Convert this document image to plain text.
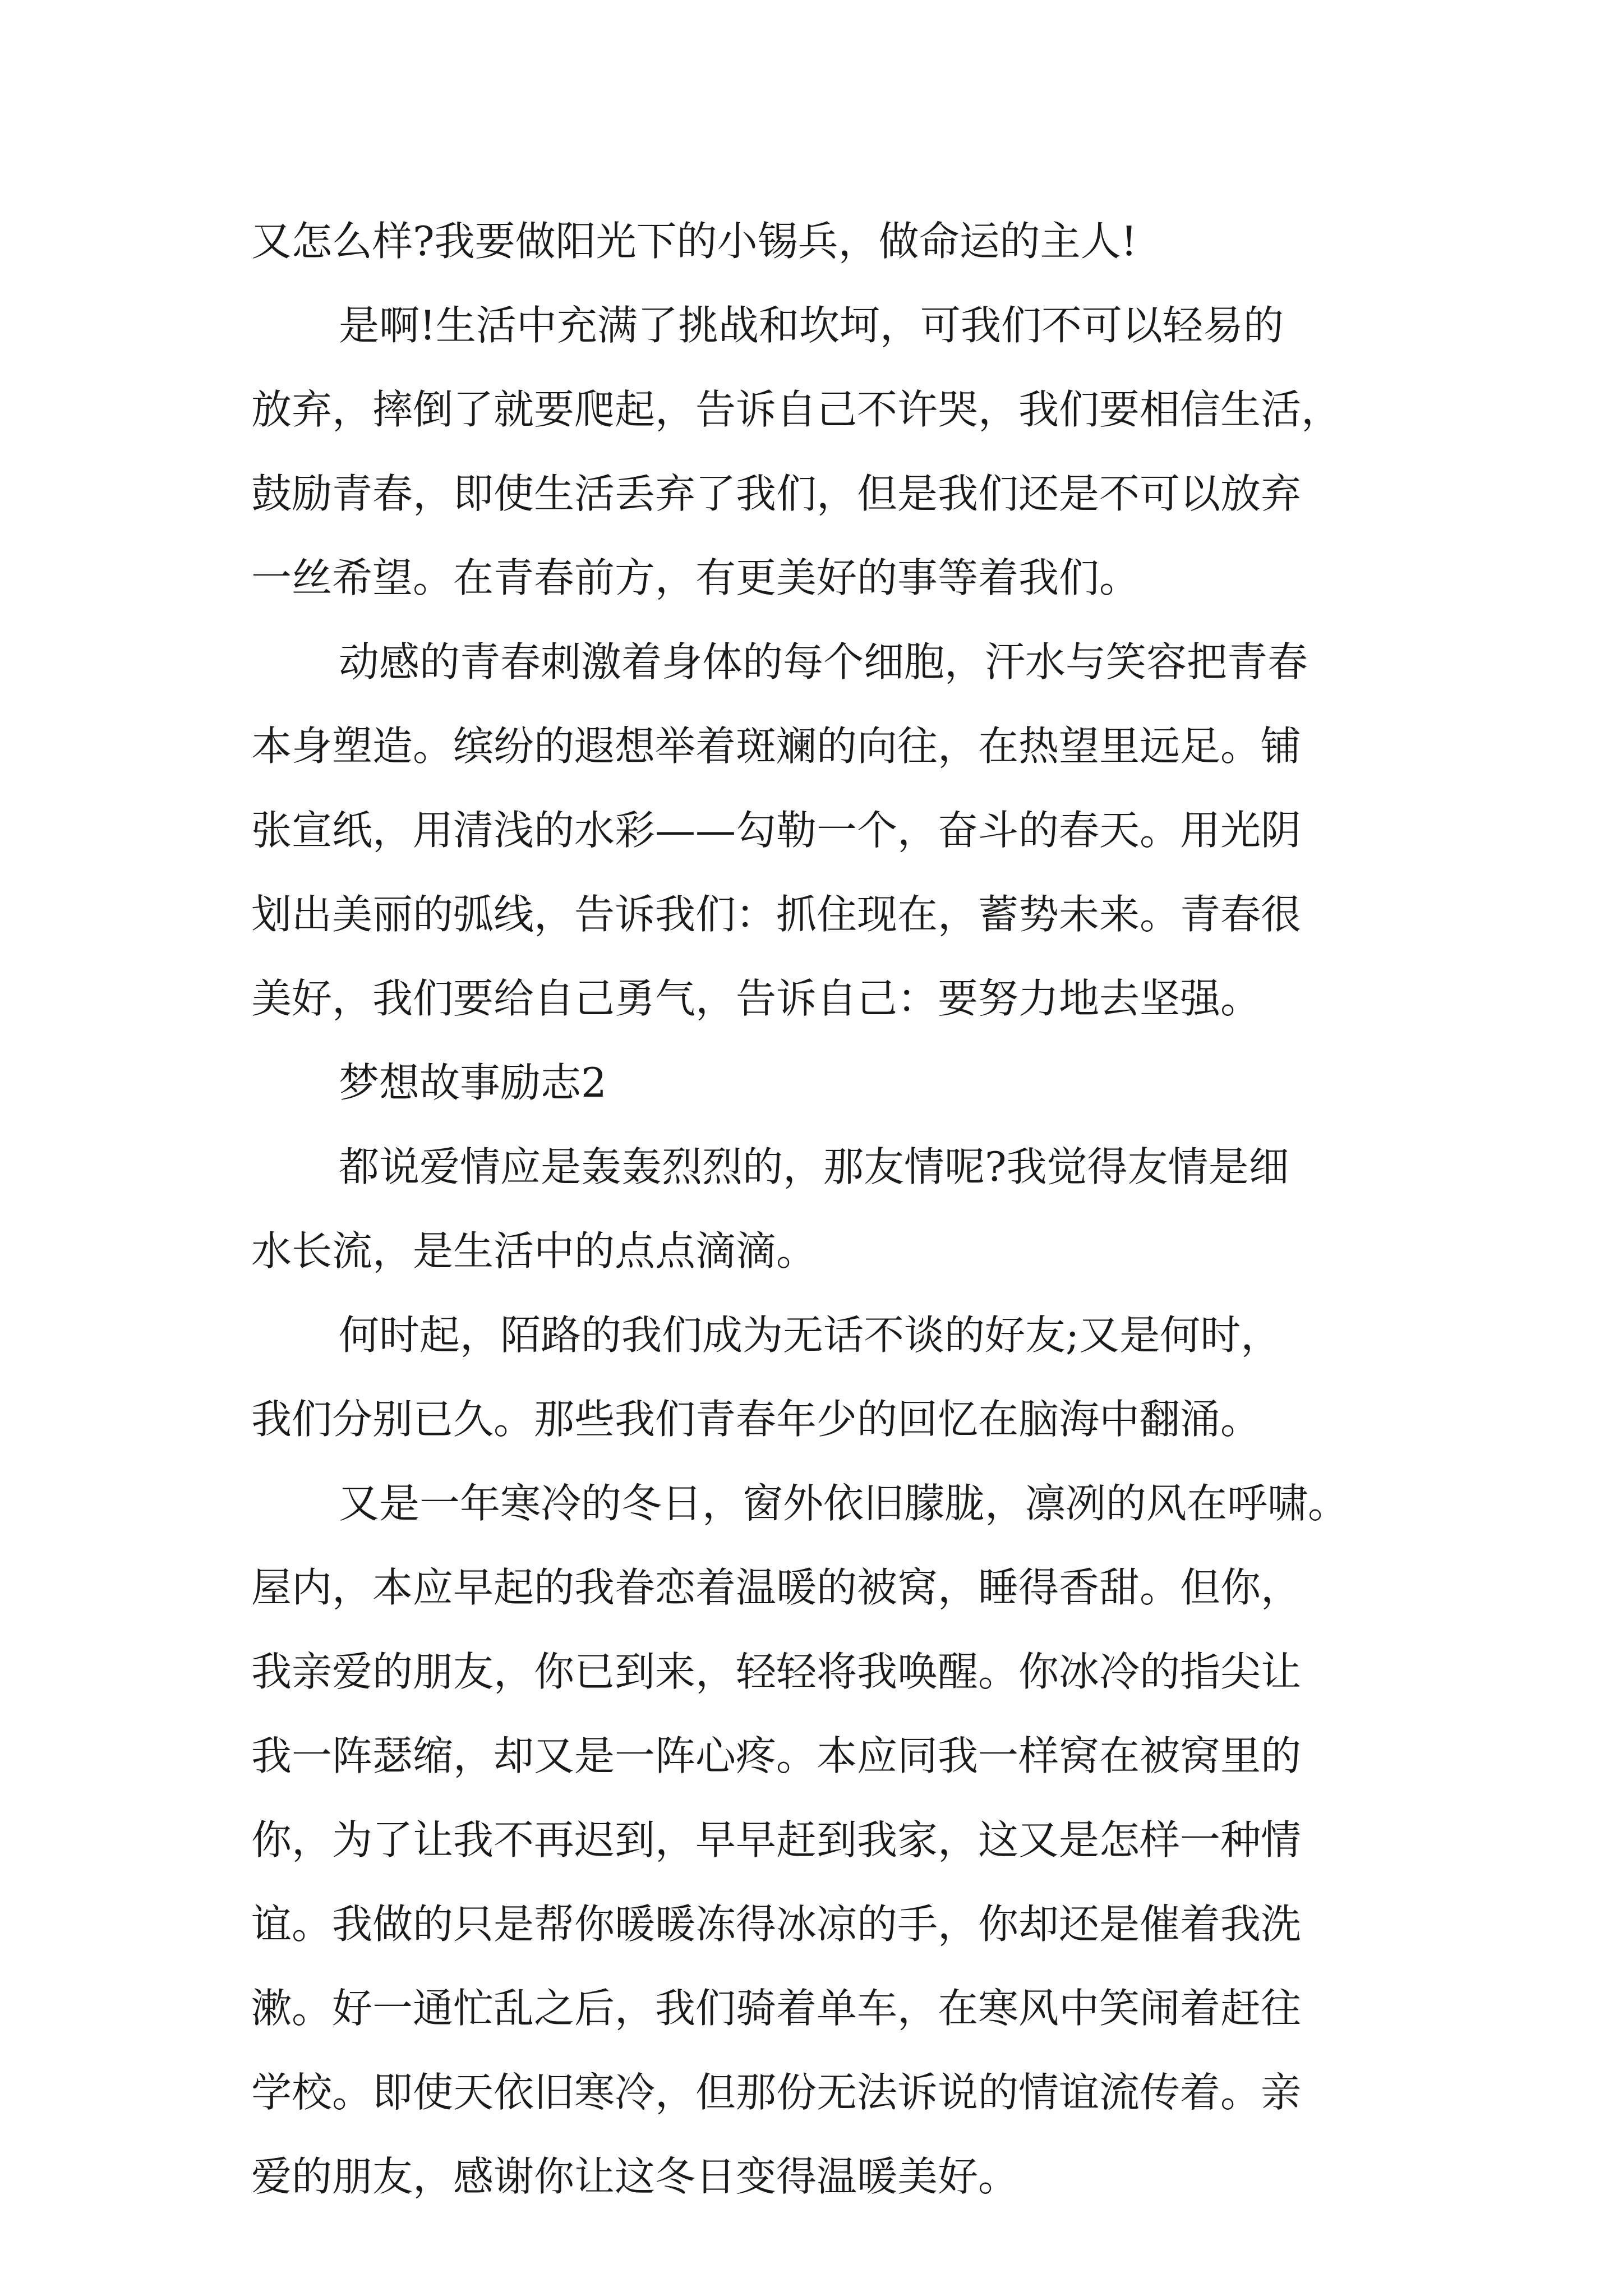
又怎么样?我要做阳光下的小锡兵，做命运的主人!

是啊!生活中充满了挑战和坎坷，可我们不可以轻易的

放弃，摔倒了就要爬起，告诉自己不许哭，我们要相信生活，

鼓励青春，即使生活丢弃了我们，但是我们还是不可以放弃

一丝希望。在青春前方，有更美好的事等着我们。

动感的青春刺激着身体的每个细胞，汗水与笑容把青春

本身塑造。缤纷的遐想举着斑斓的向往，在热望里远足。铺

张宣纸，用清浅的水彩——勾勒一个，奋斗的春天。用光阴

划出美丽的弧线，告诉我们：抓住现在，蓄势未来。青春很

美好，我们要给自己勇气，告诉自己：要努力地去坚强。

梦想故事励志2

都说爱情应是轰轰烈烈的，那友情呢?我觉得友情是细

水长流，是生活中的点点滴滴。

何时起，陌路的我们成为无话不谈的好友;又是何时，

我们分别已久。那些我们青春年少的回忆在脑海中翻涌。

又是一年寒冷的冬日，窗外依旧朦胧，凛冽的风在呼啸。

屋内，本应早起的我眷恋着温暖的被窝，睡得香甜。但你，

我亲爱的朋友，你已到来，轻轻将我唤醒。你冰冷的指尖让

我一阵瑟缩，却又是一阵心疼。本应同我一样窝在被窝里的

你，为了让我不再迟到，早早赶到我家，这又是怎样一种情

谊。我做的只是帮你暖暖冻得冰凉的手，你却还是催着我洗

漱。好一通忙乱之后，我们骑着单车，在寒风中笑闹着赶往

学校。即使天依旧寒冷，但那份无法诉说的情谊流传着。亲

爱的朋友，感谢你让这冬日变得温暖美好。
